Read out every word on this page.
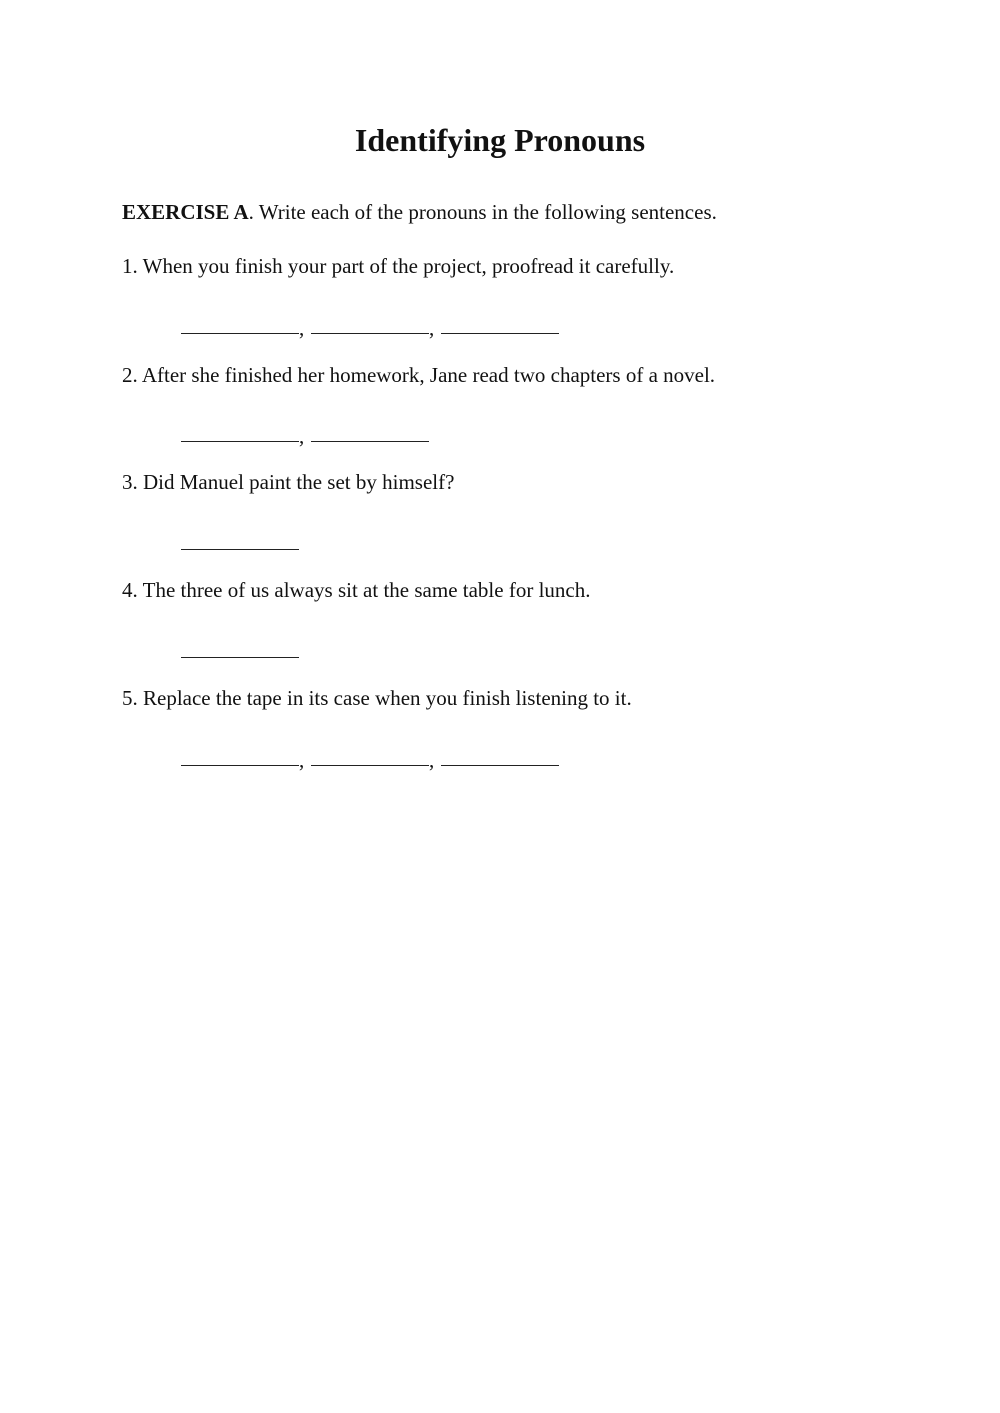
Identifying Pronouns
EXERCISE A. Write each of the pronouns in the following sentences.
1. When you finish your part of the project, proofread it carefully.
,	,
2. After she finished her homework, Jane read two chapters of a novel.
,
3. Did Manuel paint the set by himself?
4. The three of us always sit at the same table for lunch.
5. Replace the tape in its case when you finish listening to it.
,	,
